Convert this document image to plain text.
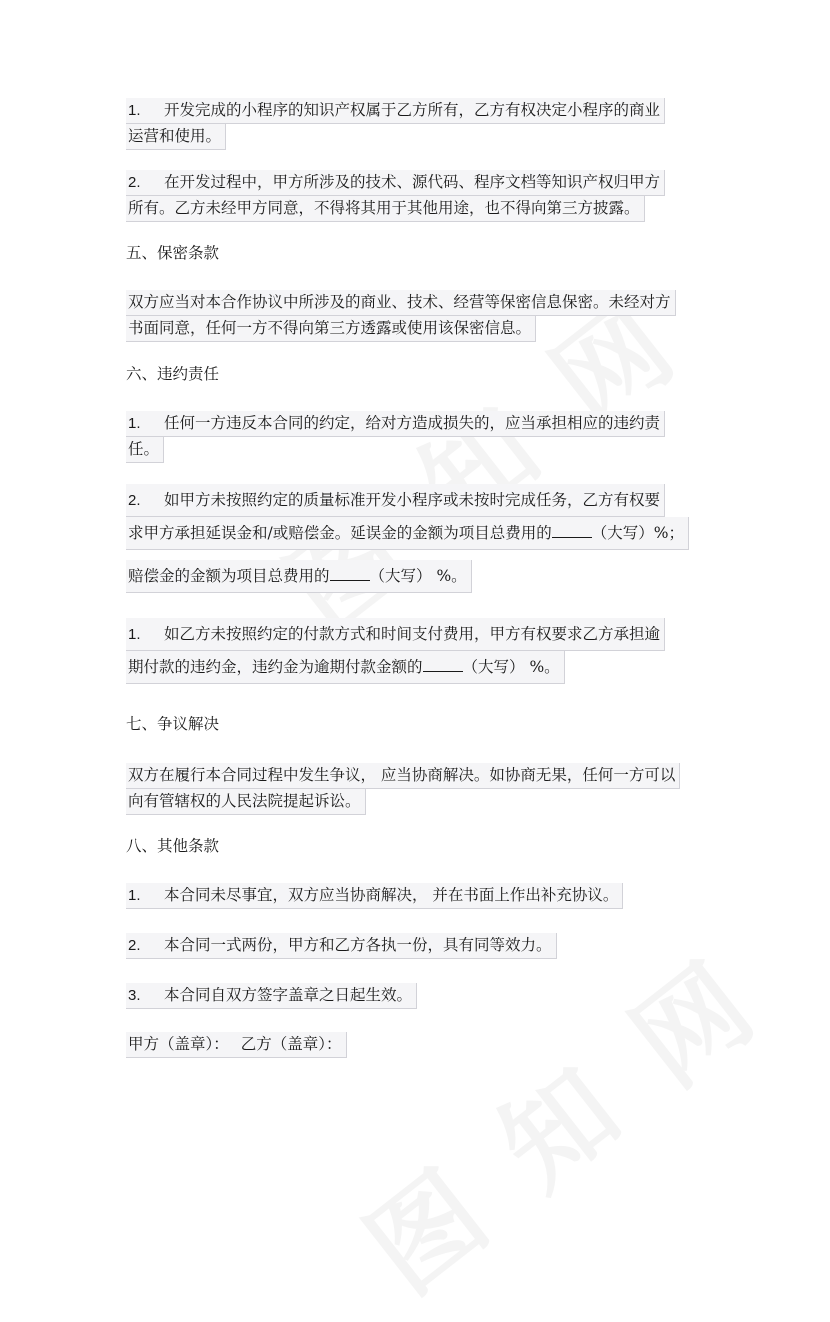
1. 开发完成的小程序的知识产权属于乙方所有，乙方有权决定小程序的商业
运营和使用。
2. 在开发过程中，甲方所涉及的技术、源代码、程序文档等知识产权归甲方
所有。乙方未经甲方同意，不得将其用于其他用途，也不得向第三方披露。
五、保密条款
双方应当对本合作协议中所涉及的商业、技术、经营等保密信息保密。未经对方
书面同意，任何一方不得向第三方透露或使用该保密信息。
六、违约责任
1. 任何一方违反本合同的约定，给对方造成损失的，应当承担相应的违约责
任。
2. 如甲方未按照约定的质量标准开发小程序或未按时完成任务，乙方有权要
求甲方承担延误金和/或赔偿金。延误金的金额为项目总费用的	（大写）%；
赔偿金的金额为项目总费用的	（大写） %。
1. 如乙方未按照约定的付款方式和时间支付费用，甲方有权要求乙方承担逾
期付款的违约金，违约金为逾期付款金额的	（大写） %。
七、争议解决
双方在履行本合同过程中发生争议， 应当协商解决。如协商无果，任何一方可以
向有管辖权的人民法院提起诉讼。
八、其他条款
1. 本合同未尽事宜，双方应当协商解决， 并在书面上作出补充协议。
2. 本合同一式两份，甲方和乙方各执一份，具有同等效力。
3. 本合同自双方签字盖章之日起生效。
甲方（盖章）： 乙方（盖章）：
